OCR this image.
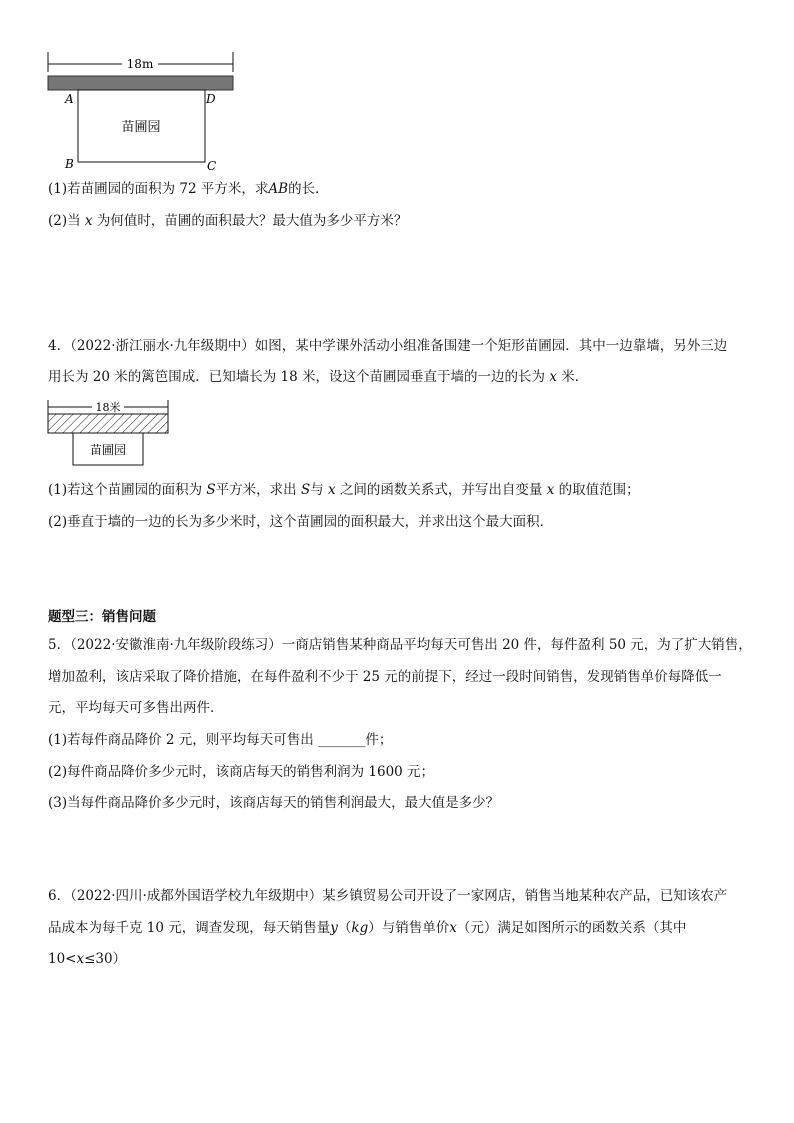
18m
苗圃园
A	D
B	C
(1)若苗圃园的面积为 72 平方米，求AB的长．
(2)当 x 为何值时，苗圃的面积最大？最大值为多少平方米？
4．（2022·浙江丽水·九年级期中）如图，某中学课外活动小组准备围建一个矩形苗圃园．其中一边靠墙，另外三边
用长为 20 米的篱笆围成．已知墙长为 18 米，设这个苗圃园垂直于墙的一边的长为 x 米．
18米
苗圃园
(1)若这个苗圃园的面积为 S平方米，求出 S与 x 之间的函数关系式，并写出自变量 x 的取值范围；
(2)垂直于墙的一边的长为多少米时，这个苗圃园的面积最大，并求出这个最大面积．
题型三：销售问题
5．（2022·安徽淮南·九年级阶段练习）一商店销售某种商品平均每天可售出 20 件，每件盈利 50 元，为了扩大销售，
增加盈利，该店采取了降价措施，在每件盈利不少于 25 元的前提下，经过一段时间销售，发现销售单价每降低一
元，平均每天可多售出两件．
(1)若每件商品降价 2 元，则平均每天可售出 _______件；
(2)每件商品降价多少元时，该商店每天的销售利润为 1600 元；
(3)当每件商品降价多少元时，该商店每天的销售利润最大，最大值是多少？
6．（2022·四川·成都外国语学校九年级期中）某乡镇贸易公司开设了一家网店，销售当地某种农产品，已知该农产
品成本为每千克 10 元，调查发现，每天销售量y（kg）与销售单价x（元）满足如图所示的函数关系（其中
10<x≤30）
